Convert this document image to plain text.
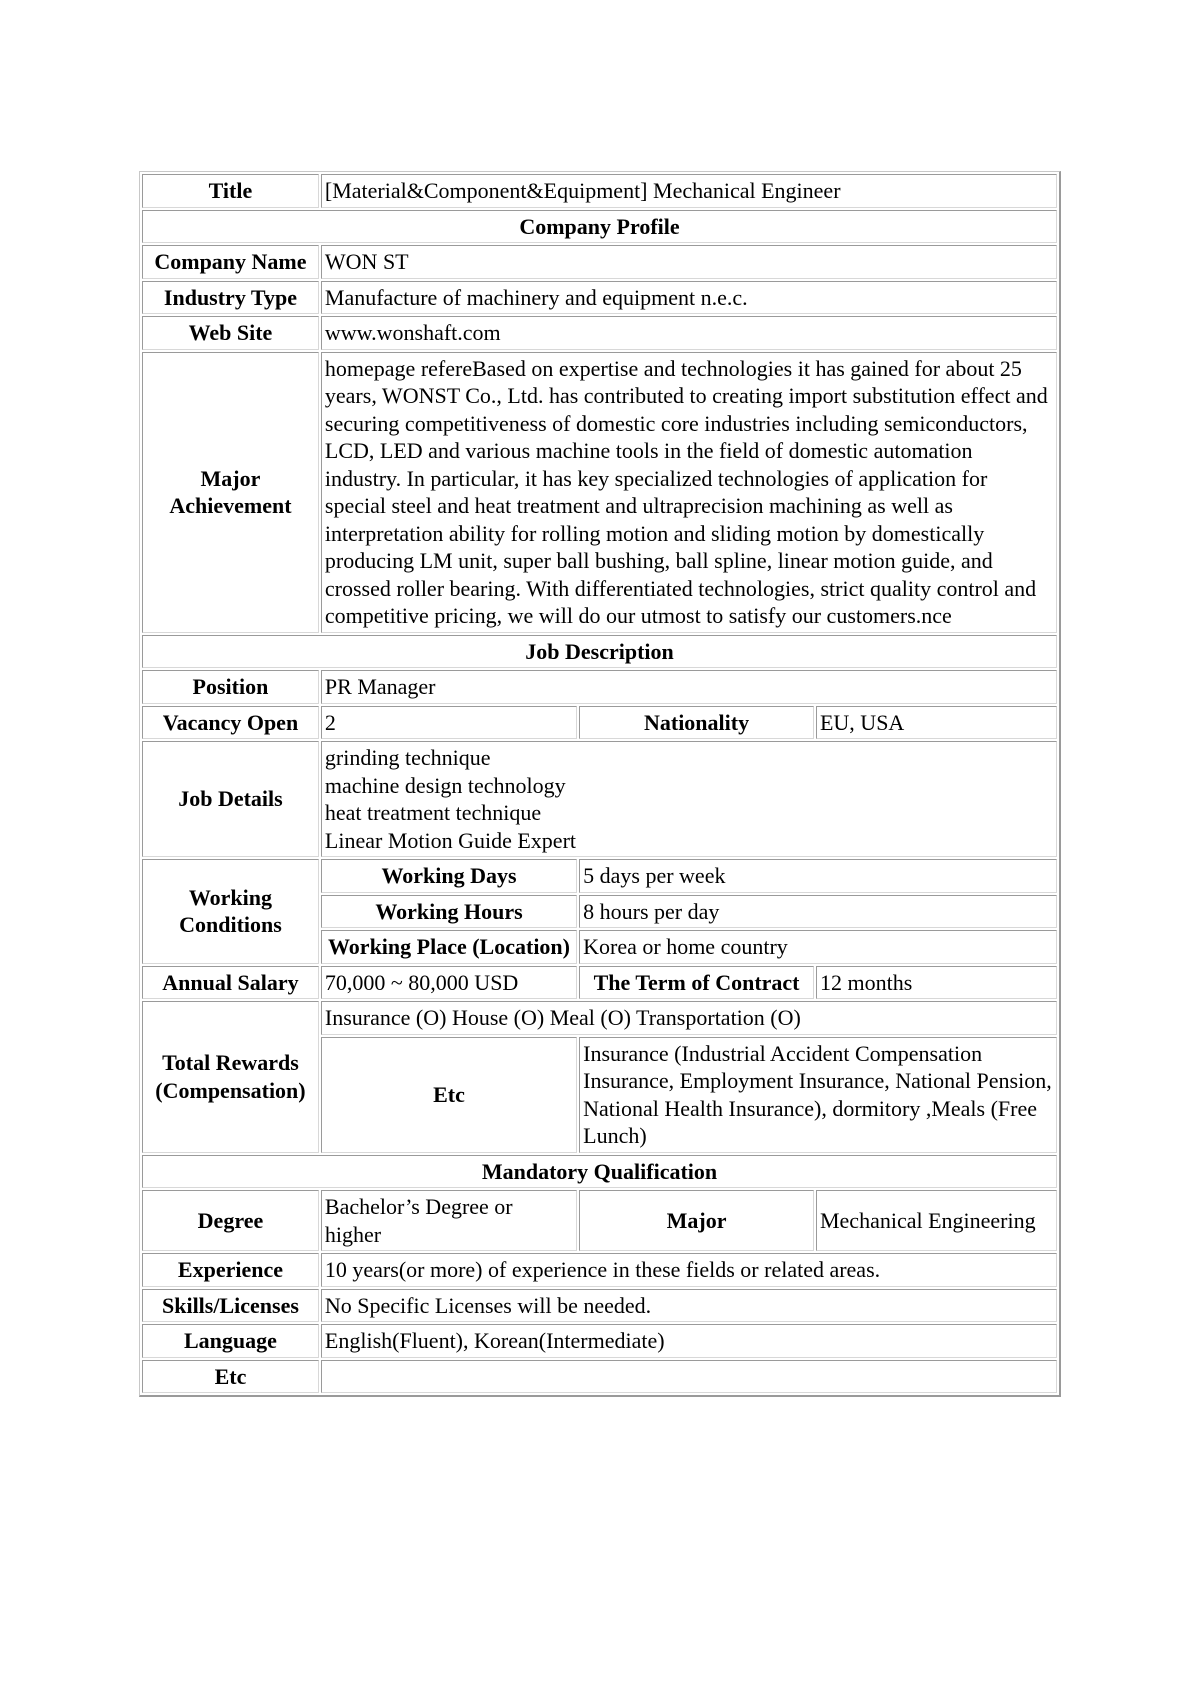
Title	[Material&Component&Equipment] Mechanical Engineer		
Company Profile			
Company Name	WON ST		
Industry Type	Manufacture of machinery and equipment n.e.c.		
Web Site	www.wonshaft.com		
Major Achievement	homepage refereBased on expertise and technologies it has gained for about 25 years, WONST Co., Ltd. has contributed to creating import substitution effect and securing competitiveness of domestic core industries including semiconductors, LCD, LED and various machine tools in the field of domestic automation industry. In particular, it has key specialized technologies of application for special steel and heat treatment and ultraprecision machining as well as interpretation ability for rolling motion and sliding motion by domestically producing LM unit, super ball bushing, ball spline, linear motion guide, and crossed roller bearing. With differentiated technologies, strict quality control and competitive pricing, we will do our utmost to satisfy our customers.nce		
Job Description			
Position	PR Manager		
Vacancy Open	2	Nationality	EU, USA
Job Details	grinding technique
machine design technology
heat treatment technique
Linear Motion Guide Expert		

Working Conditions	Working Days	5 days per week	
	Working Hours	8 hours per day	
	Working Place (Location)	Korea or home country	
Annual Salary	70,000 ~ 80,000 USD	The Term of Contract	12 months
Total Rewards (Compensation)	Insurance (O) House (O) Meal (O) Transportation (O)		
	Etc	Insurance (Industrial Accident Compensation Insurance, Employment Insurance, National Pension, National Health Insurance), dormitory ,Meals (Free Lunch)	
Mandatory Qualification			
Degree	Bachelor’s Degree or higher	Major	Mechanical Engineering
Experience	10 years(or more) of experience in these fields or related areas.		
Skills/Licenses	No Specific Licenses will be needed.		
Language	English(Fluent), Korean(Intermediate)		
Etc			
